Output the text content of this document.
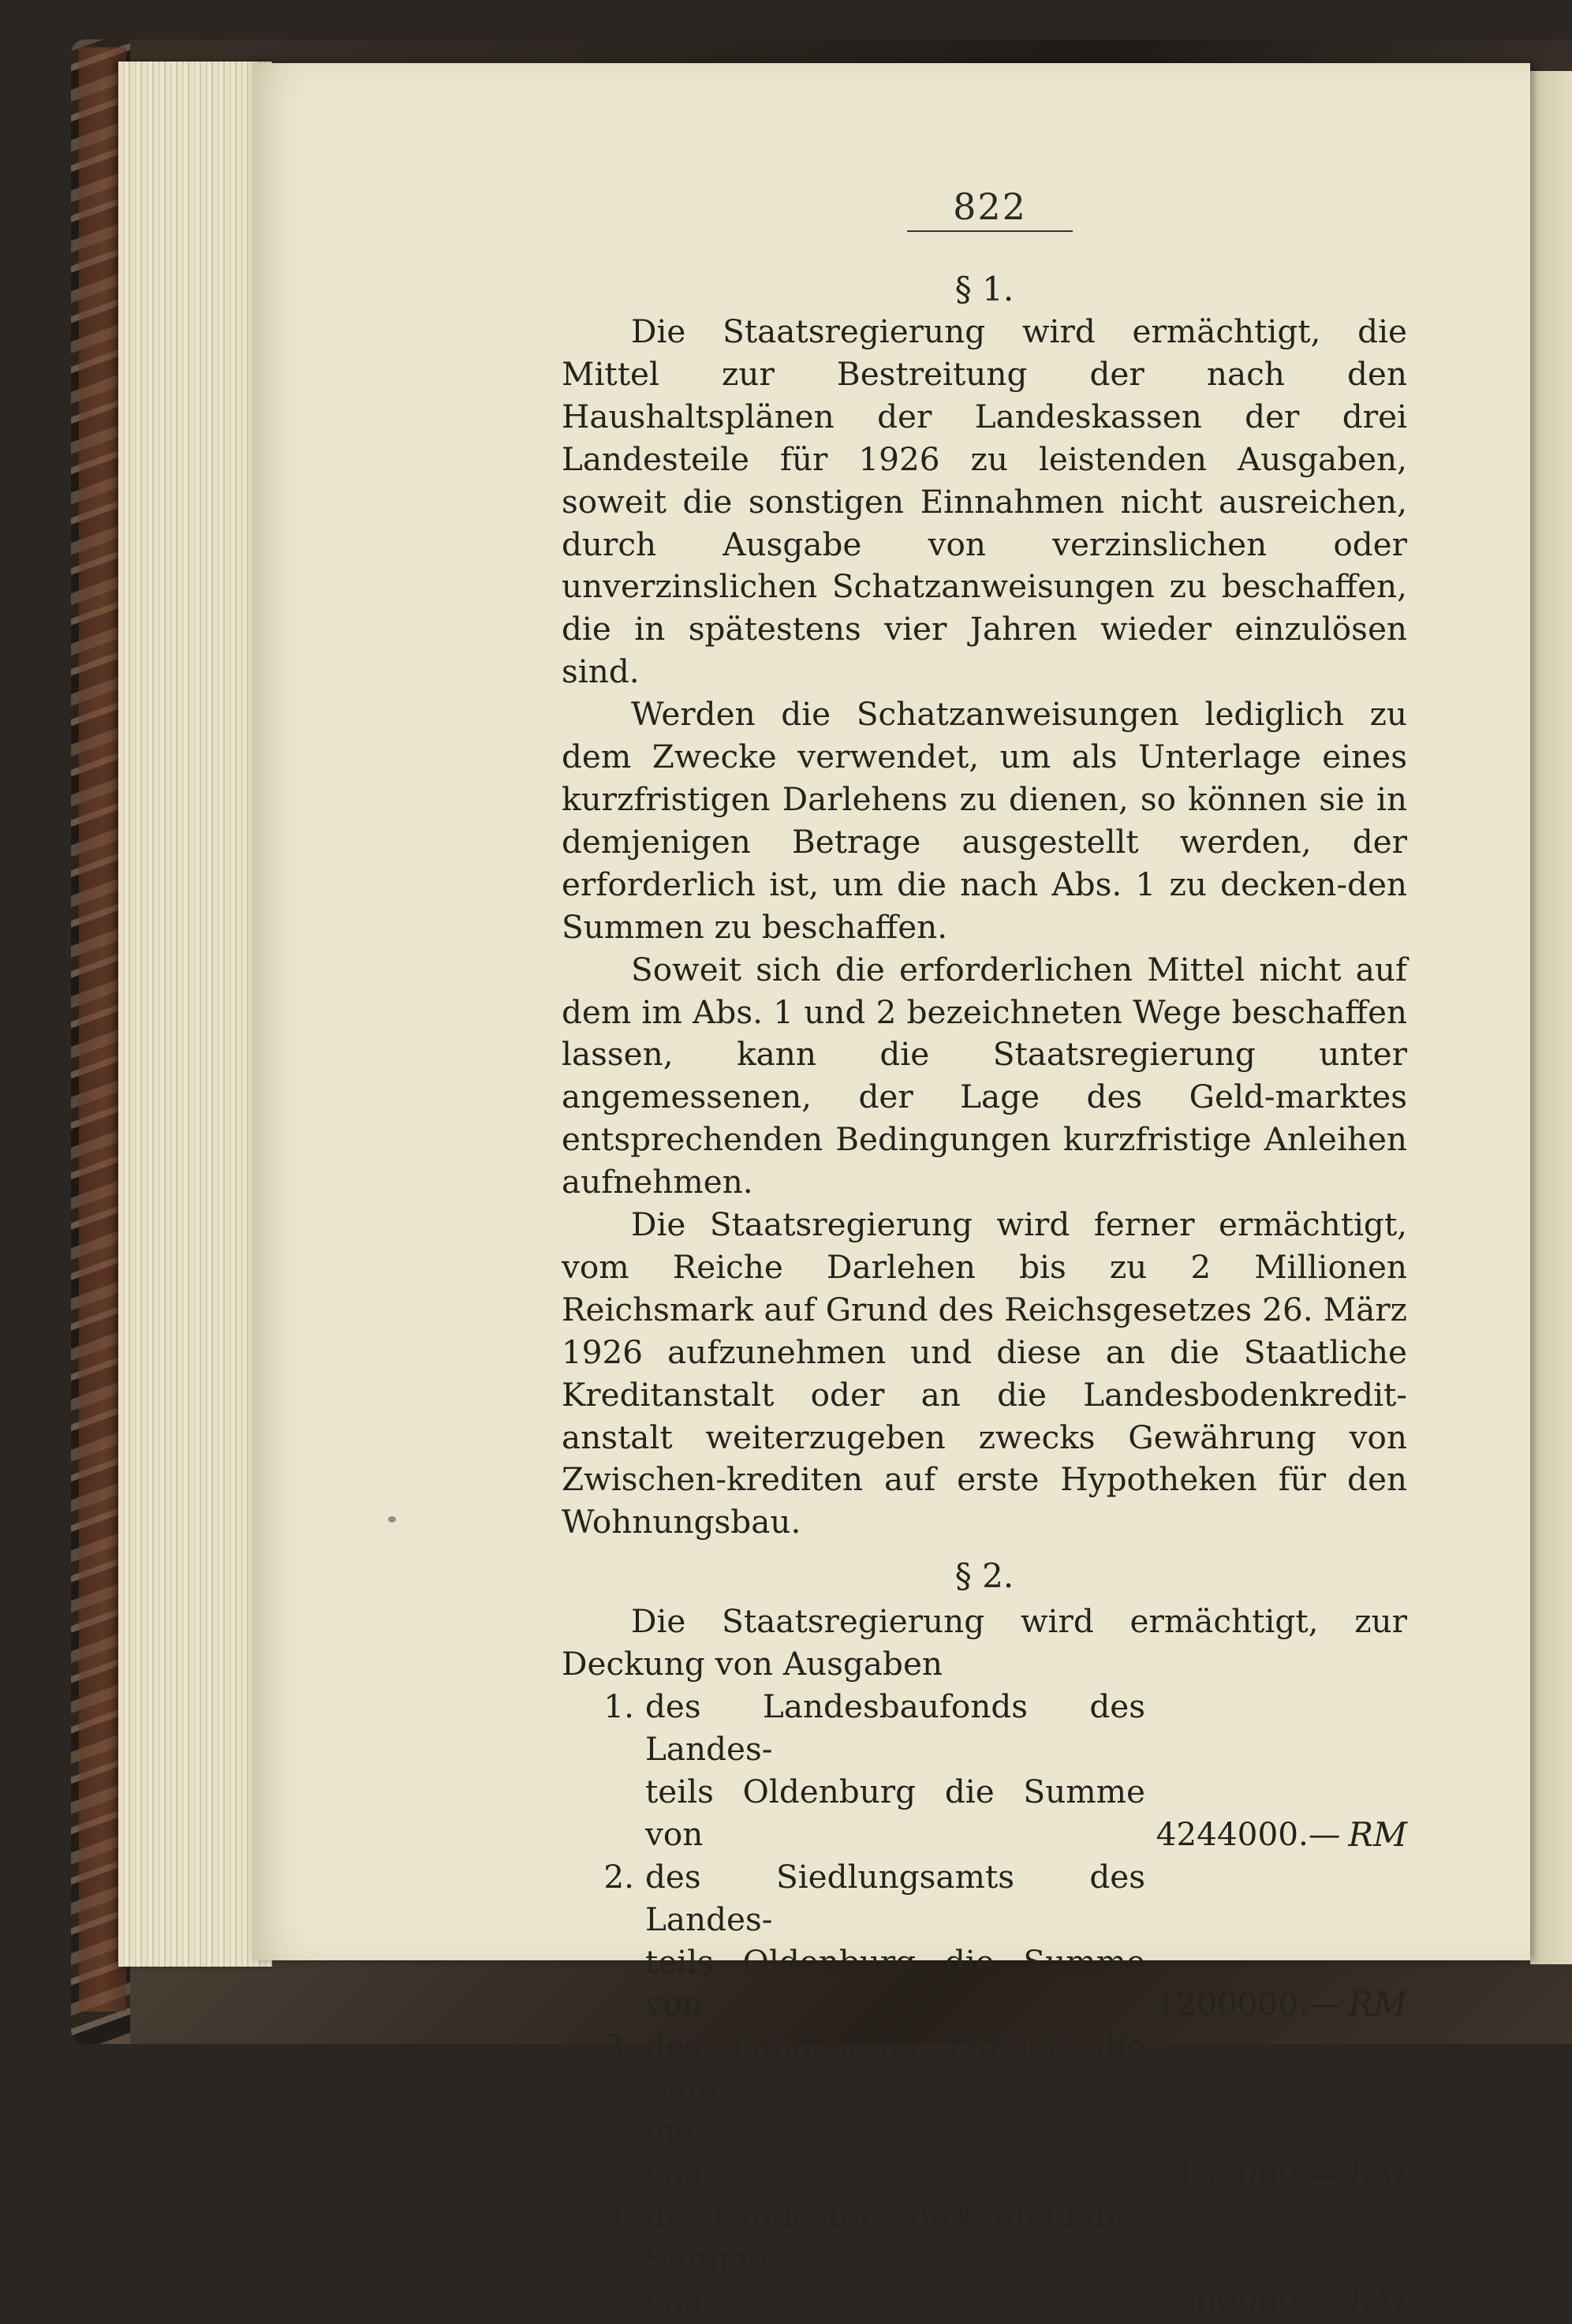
822
§ 1.

Die Staatsregierung wird ermächtigt, die Mittel zur Bestreitung der nach den Haushaltsplänen der Landeskassen der drei Landesteile für 1926 zu leistenden Ausgaben, soweit die sonstigen Einnahmen nicht ausreichen, durch Ausgabe von verzinslichen oder unverzinslichen Schatzanweisungen zu beschaffen, die in spätestens vier Jahren wieder einzulösen sind.

Werden die Schatzanweisungen lediglich zu dem Zwecke verwendet, um als Unterlage eines kurzfristigen Darlehens zu dienen, so können sie in demjenigen Betrage ausgestellt werden, der erforderlich ist, um die nach Abs. 1 zu decken-den Summen zu beschaffen.

Soweit sich die erforderlichen Mittel nicht auf dem im Abs. 1 und 2 bezeichneten Wege beschaffen lassen, kann die Staatsregierung unter angemessenen, der Lage des Geld-marktes entsprechenden Bedingungen kurzfristige Anleihen aufnehmen.

Die Staatsregierung wird ferner ermächtigt, vom Reiche Darlehen bis zu 2 Millionen Reichsmark auf Grund des Reichsgesetzes 26. März 1926 aufzunehmen und diese an die Staatliche Kreditanstalt oder an die Landesbodenkredit-anstalt weiterzugeben zwecks Gewährung von Zwischen-krediten auf erste Hypotheken für den Wohnungsbau.

§ 2.

Die Staatsregierung wird ermächtigt, zur Deckung von Ausgaben

1. des Landesbaufonds des Landes-

teils Oldenburg die Summe von	4244000.— RM
2. des Siedlungsamts des Landes-

teils Oldenburg die Summe von	1200000.— RM
3. des Landesteils Lübeck die Sum-

me von
. . . . . . . . .	134000.— RM
4. des Landesteils Birkenfeld die

Summe von
. . . . . . .	300000.— RM
